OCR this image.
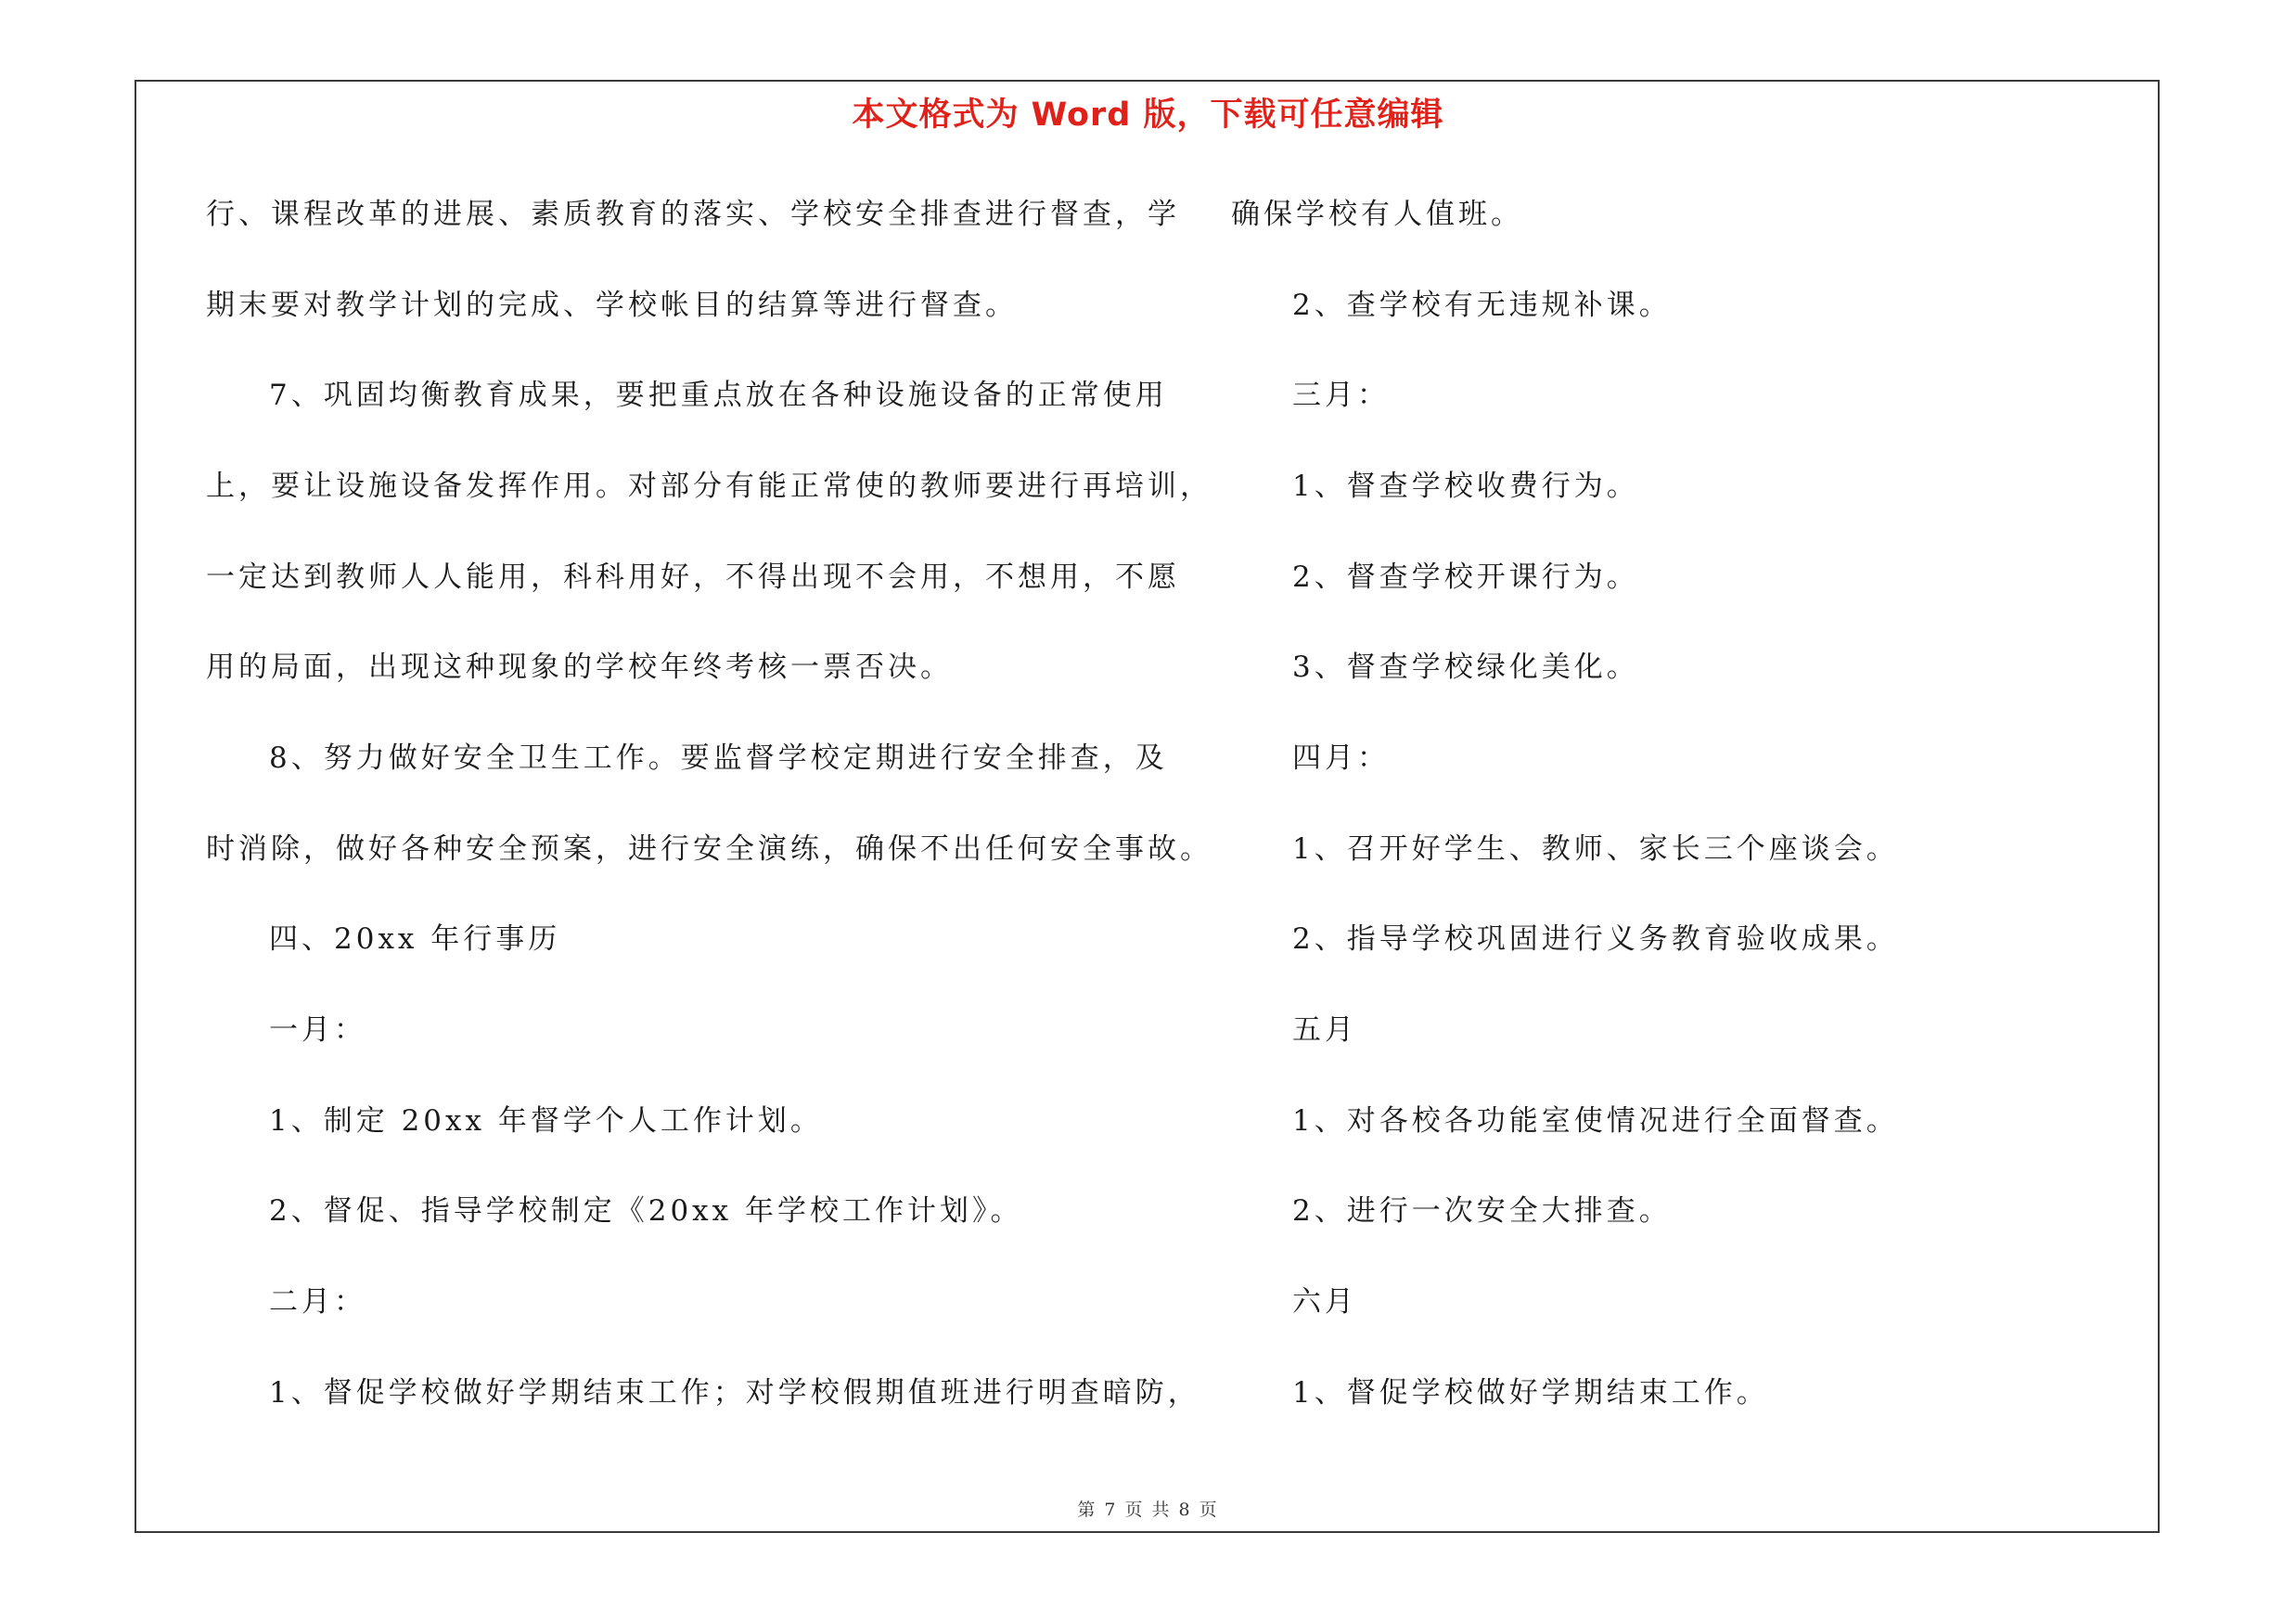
本文格式为 Word 版，下载可任意编辑
行、课程改革的进展、素质教育的落实、学校安全排查进行督查，学
期末要对教学计划的完成、学校帐目的结算等进行督查。
7、巩固均衡教育成果，要把重点放在各种设施设备的正常使用
上，要让设施设备发挥作用。对部分有能正常使的教师要进行再培训，
一定达到教师人人能用，科科用好，不得出现不会用，不想用，不愿
用的局面，出现这种现象的学校年终考核一票否决。
8、努力做好安全卫生工作。要监督学校定期进行安全排查，及
时消除，做好各种安全预案，进行安全演练，确保不出任何安全事故。
四、20xx 年行事历
一月：
1、制定 20xx 年督学个人工作计划。
2、督促、指导学校制定《20xx 年学校工作计划》。
二月：
1、督促学校做好学期结束工作；对学校假期值班进行明查暗防，
确保学校有人值班。
2、查学校有无违规补课。
三月：
1、督查学校收费行为。
2、督查学校开课行为。
3、督查学校绿化美化。
四月：
1、召开好学生、教师、家长三个座谈会。
2、指导学校巩固进行义务教育验收成果。
五月
1、对各校各功能室使情况进行全面督查。
2、进行一次安全大排查。
六月
1、督促学校做好学期结束工作。
第 7 页 共 8 页
